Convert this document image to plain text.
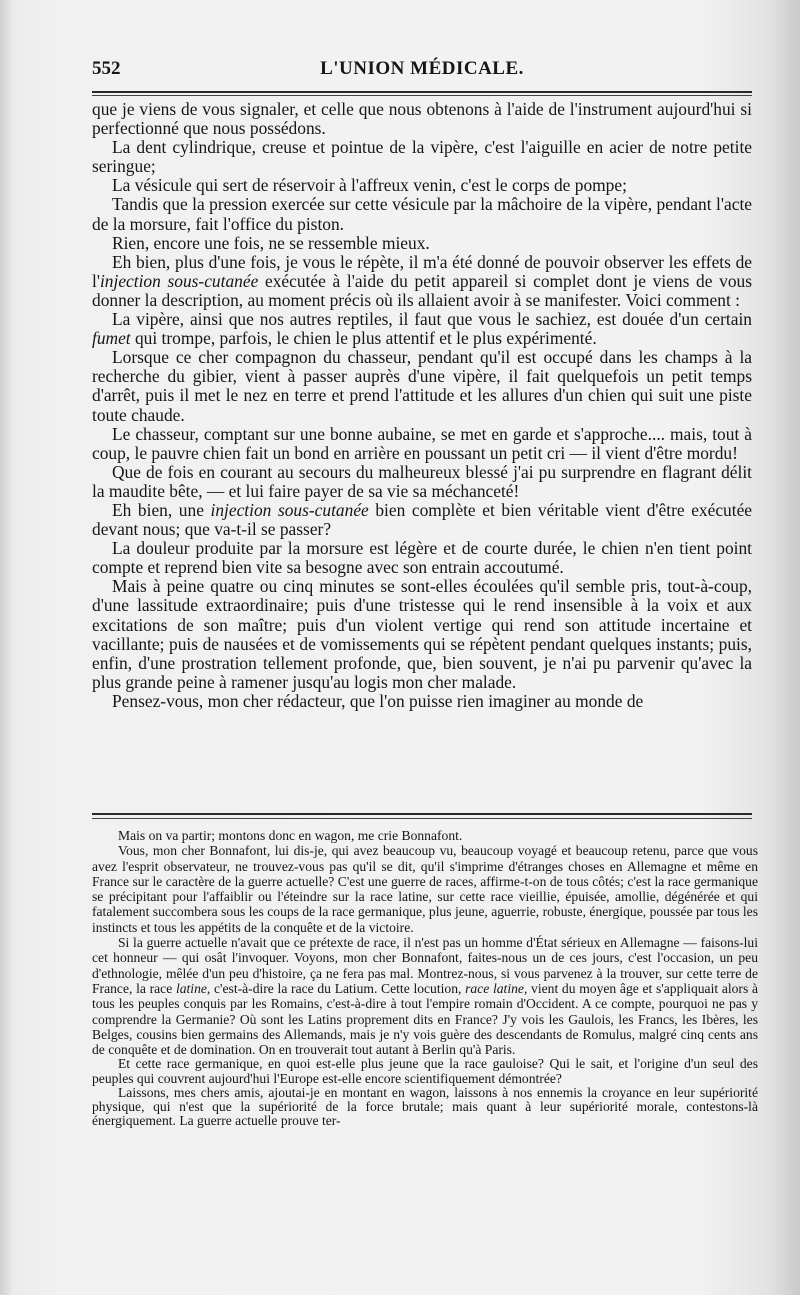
L'UNION MÉDICALE.
552

que je viens de vous signaler, et celle que nous obtenons à l'aide de l'instrument aujourd'hui si perfectionné que nous possédons.

La dent cylindrique, creuse et pointue de la vipère, c'est l'aiguille en acier de notre petite seringue;

La vésicule qui sert de réservoir à l'affreux venin, c'est le corps de pompe;

Tandis que la pression exercée sur cette vésicule par la mâchoire de la vipère, pendant l'acte de la morsure, fait l'office du piston.

Rien, encore une fois, ne se ressemble mieux.

Eh bien, plus d'une fois, je vous le répète, il m'a été donné de pouvoir observer les effets de l'injection sous-cutanée exécutée à l'aide du petit appareil si complet dont je viens de vous donner la description, au moment précis où ils allaient avoir à se manifester. Voici comment :

La vipère, ainsi que nos autres reptiles, il faut que vous le sachiez, est douée d'un certain fumet qui trompe, parfois, le chien le plus attentif et le plus expérimenté.

Lorsque ce cher compagnon du chasseur, pendant qu'il est occupé dans les champs à la recherche du gibier, vient à passer auprès d'une vipère, il fait quelquefois un petit temps d'arrêt, puis il met le nez en terre et prend l'attitude et les allures d'un chien qui suit une piste toute chaude.

Le chasseur, comptant sur une bonne aubaine, se met en garde et s'approche.... mais, tout à coup, le pauvre chien fait un bond en arrière en poussant un petit cri — il vient d'être mordu!

Que de fois en courant au secours du malheureux blessé j'ai pu surprendre en flagrant délit la maudite bête, — et lui faire payer de sa vie sa méchanceté!

Eh bien, une injection sous-cutanée bien complète et bien véritable vient d'être exécutée devant nous; que va-t-il se passer?

La douleur produite par la morsure est légère et de courte durée, le chien n'en tient point compte et reprend bien vite sa besogne avec son entrain accoutumé.

Mais à peine quatre ou cinq minutes se sont-elles écoulées qu'il semble pris, tout-à-coup, d'une lassitude extraordinaire; puis d'une tristesse qui le rend insensible à la voix et aux excitations de son maître; puis d'un violent vertige qui rend son attitude incertaine et vacillante; puis de nausées et de vomissements qui se répètent pendant quelques instants; puis, enfin, d'une prostration tellement profonde, que, bien souvent, je n'ai pu parvenir qu'avec la plus grande peine à ramener jusqu'au logis mon cher malade.

Pensez-vous, mon cher rédacteur, que l'on puisse rien imaginer au monde de

Mais on va partir; montons donc en wagon, me crie Bonnafont.

Vous, mon cher Bonnafont, lui dis-je, qui avez beaucoup vu, beaucoup voyagé et beaucoup retenu, parce que vous avez l'esprit observateur, ne trouvez-vous pas qu'il se dit, qu'il s'imprime d'étranges choses en Allemagne et même en France sur le caractère de la guerre actuelle? C'est une guerre de races, affirme-t-on de tous côtés; c'est la race germanique se précipitant pour l'affaiblir ou l'éteindre sur la race latine, sur cette race vieillie, épuisée, amollie, dégénérée et qui fatalement succombera sous les coups de la race germanique, plus jeune, aguerrie, robuste, énergique, poussée par tous les instincts et tous les appétits de la conquête et de la victoire.

Si la guerre actuelle n'avait que ce prétexte de race, il n'est pas un homme d'État sérieux en Allemagne — faisons-lui cet honneur — qui osât l'invoquer. Voyons, mon cher Bonnafont, faites-nous un de ces jours, c'est l'occasion, un peu d'ethnologie, mêlée d'un peu d'histoire, ça ne fera pas mal. Montrez-nous, si vous parvenez à la trouver, sur cette terre de France, la race latine, c'est-à-dire la race du Latium. Cette locution, race latine, vient du moyen âge et s'appliquait alors à tous les peuples conquis par les Romains, c'est-à-dire à tout l'empire romain d'Occident. A ce compte, pourquoi ne pas y comprendre la Germanie? Où sont les Latins proprement dits en France? J'y vois les Gaulois, les Francs, les Ibères, les Belges, cousins bien germains des Allemands, mais je n'y vois guère des descendants de Romulus, malgré cinq cents ans de conquête et de domination. On en trouverait tout autant à Berlin qu'à Paris.

Et cette race germanique, en quoi est-elle plus jeune que la race gauloise? Qui le sait, et l'origine d'un seul des peuples qui couvrent aujourd'hui l'Europe est-elle encore scientifiquement démontrée?

Laissons, mes chers amis, ajoutai-je en montant en wagon, laissons à nos ennemis la croyance en leur supériorité physique, qui n'est que la supériorité de la force brutale; mais quant à leur supériorité morale, contestons-là énergiquement. La guerre actuelle prouve ter-
